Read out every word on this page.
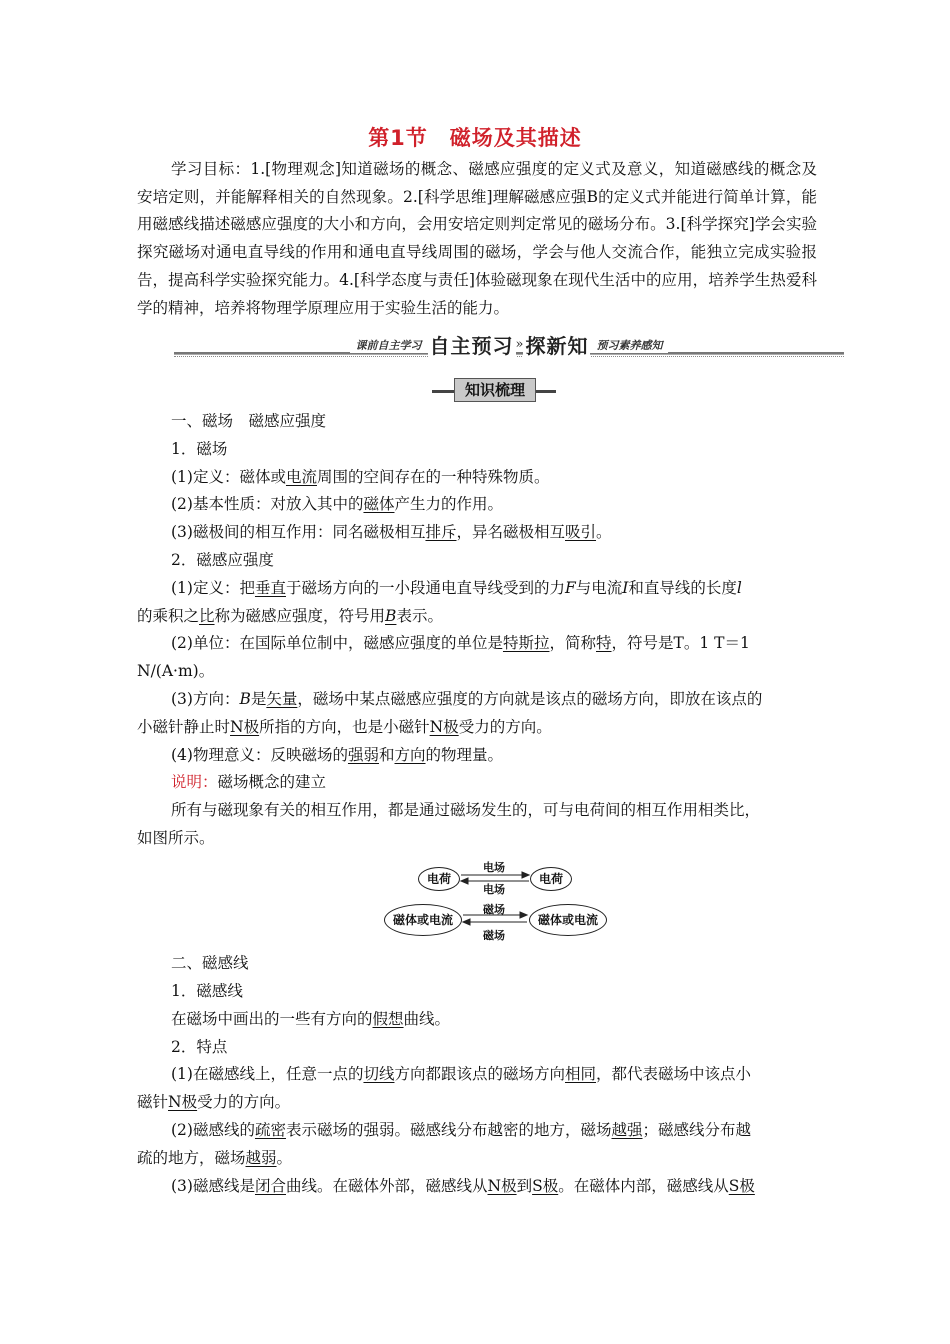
第1节　磁场及其描述
学习目标：1.[物理观念]知道磁场的概念、磁感应强度的定义式及意义，知道磁感线的概念及安培定则，并能解释相关的自然现象。2.[科学思维]理解磁感应强B的定义式并能进行简单计算，能用磁感线描述磁感应强度的大小和方向，会用安培定则判定常见的磁场分布。3.[科学探究]学会实验探究磁场对通电直导线的作用和通电直导线周围的磁场，学会与他人交流合作，能独立完成实验报告，提高科学实验探究能力。4.[科学态度与责任]体验磁现象在现代生活中的应用，培养学生热爱科学的精神，培养将物理学原理应用于实验生活的能力。
课前自主学习 自主预习 » 探新知 预习素养感知
知识梳理
一、磁场　磁感应强度
1．磁场
(1)定义：磁体或电流周围的空间存在的一种特殊物质。
(2)基本性质：对放入其中的磁体产生力的作用。
(3)磁极间的相互作用：同名磁极相互排斥，异名磁极相互吸引。
2．磁感应强度
(1)定义：把垂直于磁场方向的一小段通电直导线受到的力F与电流I和直导线的长度l
的乘积之比称为磁感应强度，符号用B表示。
(2)单位：在国际单位制中，磁感应强度的单位是特斯拉，简称特，符号是T。1 T＝1
N/(A·m)。
(3)方向：B是矢量，磁场中某点磁感应强度的方向就是该点的磁场方向，即放在该点的
小磁针静止时N极所指的方向，也是小磁针N极受力的方向。
(4)物理意义：反映磁场的强弱和方向的物理量。
说明：磁场概念的建立
所有与磁现象有关的相互作用，都是通过磁场发生的，可与电荷间的相互作用相类比，
如图所示。
电荷	电荷
电场
电场
磁体或电流	磁体或电流
磁场
磁场
二、磁感线
1．磁感线
在磁场中画出的一些有方向的假想曲线。
2．特点
(1)在磁感线上，任意一点的切线方向都跟该点的磁场方向相同，都代表磁场中该点小
磁针N极受力的方向。
(2)磁感线的疏密表示磁场的强弱。磁感线分布越密的地方，磁场越强；磁感线分布越
疏的地方，磁场越弱。
(3)磁感线是闭合曲线。在磁体外部，磁感线从N极到S极。在磁体内部，磁感线从S极
